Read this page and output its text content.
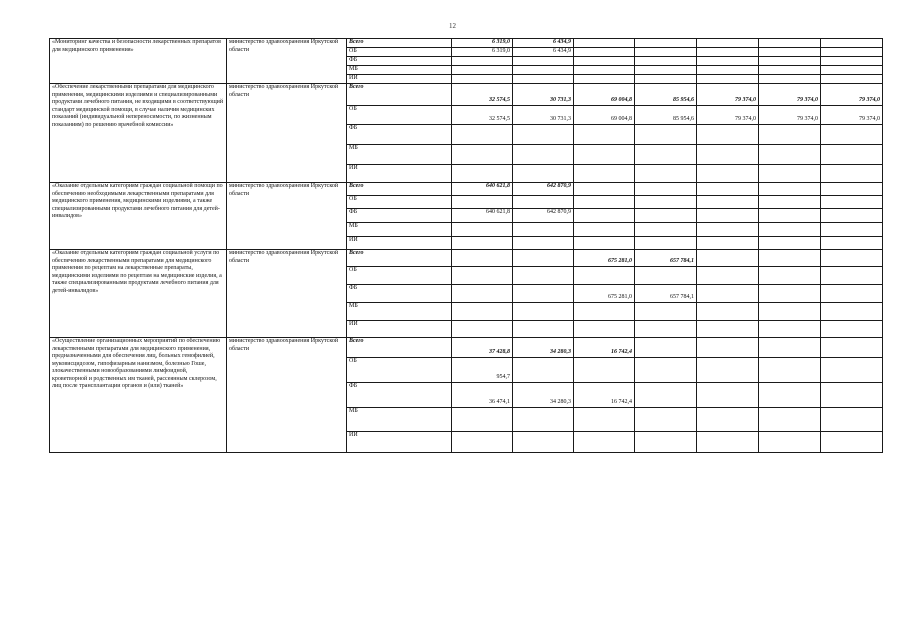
12
«Мониторинг качества и безопасности лекарственных препаратов для медицинского применения»	министерство здравоохранения Иркутской области	Всего	6 319,0	6 434,9					

		ОБ	6 319,0	6 434,9					

		ФБ							

		МБ							

		ИИ							

«Обеспечение лекарственными препаратами для медицинского применения, медицинскими изделиями и специализированными продуктами лечебного питания, не входящими в соответствующий стандарт медицинской помощи, в случае наличия медицинских показаний (индивидуальной непереносимости, по жизненным показаниям) по решению врачебной комиссии»	министерство здравоохранения Иркутской области	Всего	32 574,5	30 731,3	69 004,8	85 954,6	79 374,0	79 374,0	79 374,0

		ОБ	32 574,5	30 731,3	69 004,8	85 954,6	79 374,0	79 374,0	79 374,0

		ФБ							

		МБ							

		ИИ							

«Оказание отдельным категориям граждан социальной помощи по обеспечению необходимыми лекарственными препаратами для медицинского применения, медицинскими изделиями, а также специализированными продуктами лечебного питания для детей-инвалидов»	министерство здравоохранения Иркутской области	Всего	640 621,8	642 870,9					

		ОБ							

		ФБ	640 621,8	642 870,9					

		МБ							

		ИИ							

«Оказание отдельным категориям граждан социальной услуги по обеспечению лекарственными препаратами для медицинского применения по рецептам на лекарственные препараты, медицинскими изделиями по рецептам на медицинские изделия, а также специализированными продуктами лечебного питания для детей-инвалидов»	министерство здравоохранения Иркутской области	Всего			675 281,0	657 784,1			

		ОБ							

		ФБ			675 281,0	657 784,1			

		МБ							

		ИИ							

«Осуществление организационных мероприятий по обеспечению лекарственными препаратами для медицинского применения, предназначенными для обеспечения лиц, больных гемофилией, муковисцидозом, гипофизарным нанизмом, болезнью Гоше, злокачественными новообразованиями лимфоидной, кроветворной и родственных им тканей, рассеянным склерозом, лиц после трансплантации органов и (или) тканей»	министерство здравоохранения Иркутской области	Всего	37 428,8	34 280,3	16 742,4				

		ОБ	954,7						

		ФБ	36 474,1	34 280,3	16 742,4				

		МБ							

		ИИ							
